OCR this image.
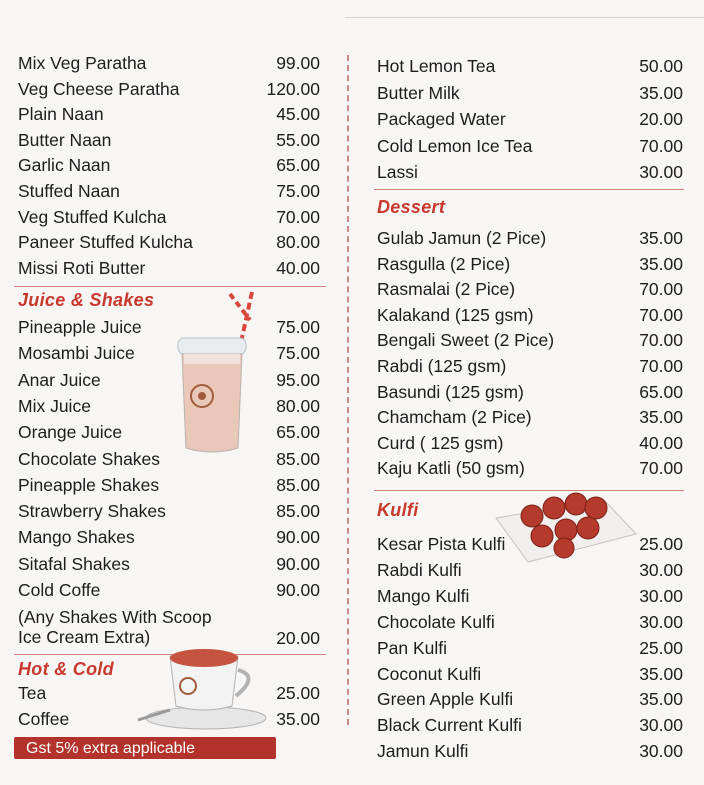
Mix Veg Paratha	99.00
Veg Cheese Paratha	120.00
Plain Naan	45.00
Butter Naan	55.00
Garlic Naan	65.00
Stuffed Naan	75.00
Veg Stuffed Kulcha	70.00
Paneer Stuffed Kulcha	80.00
Missi Roti Butter	40.00
Juice & Shakes
Pineapple Juice	75.00
Mosambi Juice	75.00
Anar Juice	95.00
Mix Juice	80.00
Orange Juice	65.00
Chocolate Shakes	85.00
Pineapple Shakes	85.00
Strawberry Shakes	85.00
Mango Shakes	90.00
Sitafal Shakes	90.00
Cold Coffe	90.00
(Any Shakes With Scoop
Ice Cream Extra)	20.00
Hot & Cold
Tea	25.00
Coffee	35.00
Gst 5% extra applicable
Hot Lemon Tea	50.00
Butter Milk	35.00
Packaged Water	20.00
Cold Lemon Ice Tea	70.00
Lassi	30.00
Dessert
Gulab Jamun (2 Pice)	35.00
Rasgulla (2 Pice)	35.00
Rasmalai (2 Pice)	70.00
Kalakand (125 gsm)	70.00
Bengali Sweet (2 Pice)	70.00
Rabdi (125 gsm)	70.00
Basundi (125 gsm)	65.00
Chamcham (2 Pice)	35.00
Curd ( 125 gsm)	40.00
Kaju Katli (50 gsm)	70.00
Kulfi
Kesar Pista Kulfi	25.00
Rabdi Kulfi	30.00
Mango Kulfi	30.00
Chocolate Kulfi	30.00
Pan Kulfi	25.00
Coconut Kulfi	35.00
Green Apple Kulfi	35.00
Black Current Kulfi	30.00
Jamun Kulfi	30.00
